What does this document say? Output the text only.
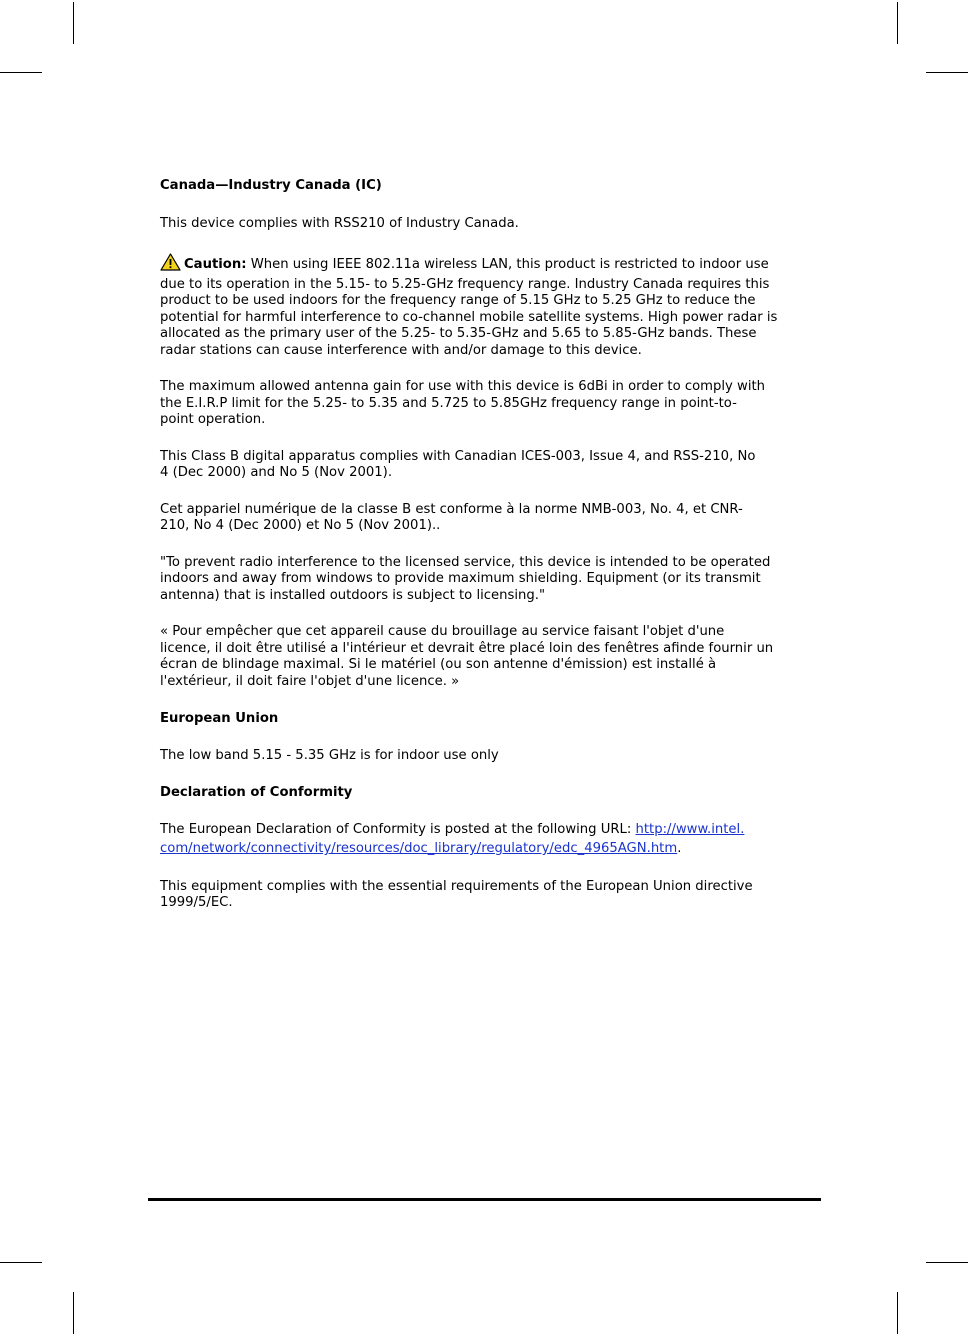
Canada—Industry Canada (IC)

This device complies with RSS210 of Industry Canada.

Caution: When using IEEE 802.11a wireless LAN, this product is restricted to indoor use

due to its operation in the 5.15- to 5.25-GHz frequency range. Industry Canada requires this

product to be used indoors for the frequency range of 5.15 GHz to 5.25 GHz to reduce the

potential for harmful interference to co-channel mobile satellite systems. High power radar is

allocated as the primary user of the 5.25- to 5.35-GHz and 5.65 to 5.85-GHz bands. These

radar stations can cause interference with and/or damage to this device.

The maximum allowed antenna gain for use with this device is 6dBi in order to comply with

the E.I.R.P limit for the 5.25- to 5.35 and 5.725 to 5.85GHz frequency range in point-to-

point operation.

This Class B digital apparatus complies with Canadian ICES-003, Issue 4, and RSS-210, No

4 (Dec 2000) and No 5 (Nov 2001).

Cet appariel numérique de la classe B est conforme à la norme NMB-003, No. 4, et CNR-

210, No 4 (Dec 2000) et No 5 (Nov 2001)..

"To prevent radio interference to the licensed service, this device is intended to be operated

indoors and away from windows to provide maximum shielding. Equipment (or its transmit

antenna) that is installed outdoors is subject to licensing."

« Pour empêcher que cet appareil cause du brouillage au service faisant l'objet d'une

licence, il doit être utilisé a l'intérieur et devrait être placé loin des fenêtres afinde fournir un

écran de blindage maximal. Si le matériel (ou son antenne d'émission) est installé à

l'extérieur, il doit faire l'objet d'une licence. »

European Union

The low band 5.15 - 5.35 GHz is for indoor use only

Declaration of Conformity

The European Declaration of Conformity is posted at the following URL: http://www.intel.

com/network/connectivity/resources/doc_library/regulatory/edc_4965AGN.htm.

This equipment complies with the essential requirements of the European Union directive

1999/5/EC.
